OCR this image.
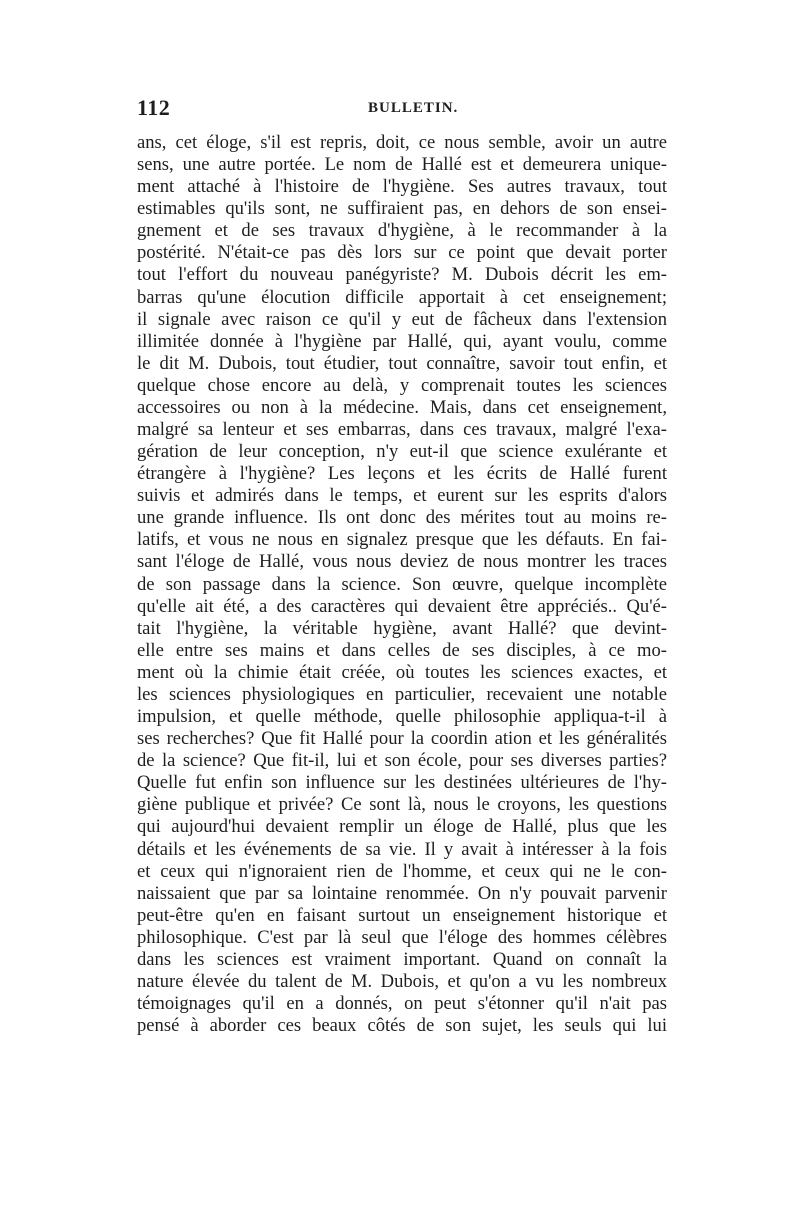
112	BULLETIN.
ans, cet éloge, s'il est repris, doit, ce nous semble, avoir un autre
sens, une autre portée. Le nom de Hallé est et demeurera unique-
ment attaché à l'histoire de l'hygiène. Ses autres travaux, tout
estimables qu'ils sont, ne suffiraient pas, en dehors de son ensei-
gnement et de ses travaux d'hygiène, à le recommander à la
postérité. N'était-ce pas dès lors sur ce point que devait porter
tout l'effort du nouveau panégyriste? M. Dubois décrit les em-
barras qu'une élocution difficile apportait à cet enseignement;
il signale avec raison ce qu'il y eut de fâcheux dans l'extension
illimitée donnée à l'hygiène par Hallé, qui, ayant voulu, comme
le dit M. Dubois, tout étudier, tout connaître, savoir tout enfin, et
quelque chose encore au delà, y comprenait toutes les sciences
accessoires ou non à la médecine. Mais, dans cet enseignement,
malgré sa lenteur et ses embarras, dans ces travaux, malgré l'exa-
gération de leur conception, n'y eut-il que science exulérante et
étrangère à l'hygiène? Les leçons et les écrits de Hallé furent
suivis et admirés dans le temps, et eurent sur les esprits d'alors
une grande influence. Ils ont donc des mérites tout au moins re-
latifs, et vous ne nous en signalez presque que les défauts. En fai-
sant l'éloge de Hallé, vous nous deviez de nous montrer les traces
de son passage dans la science. Son œuvre, quelque incomplète
qu'elle ait été, a des caractères qui devaient être appréciés.. Qu'é-
tait l'hygiène, la véritable hygiène, avant Hallé? que devint-
elle entre ses mains et dans celles de ses disciples, à ce mo-
ment où la chimie était créée, où toutes les sciences exactes, et
les sciences physiologiques en particulier, recevaient une notable
impulsion, et quelle méthode, quelle philosophie appliqua-t-il à
ses recherches? Que fit Hallé pour la coordin ation et les généralités
de la science? Que fit-il, lui et son école, pour ses diverses parties?
Quelle fut enfin son influence sur les destinées ultérieures de l'hy-
giène publique et privée? Ce sont là, nous le croyons, les questions
qui aujourd'hui devaient remplir un éloge de Hallé, plus que les
détails et les événements de sa vie. Il y avait à intéresser à la fois
et ceux qui n'ignoraient rien de l'homme, et ceux qui ne le con-
naissaient que par sa lointaine renommée. On n'y pouvait parvenir
peut-être qu'en en faisant surtout un enseignement historique et
philosophique. C'est par là seul que l'éloge des hommes célèbres
dans les sciences est vraiment important. Quand on connaît la
nature élevée du talent de M. Dubois, et qu'on a vu les nombreux
témoignages qu'il en a donnés, on peut s'étonner qu'il n'ait pas
pensé à aborder ces beaux côtés de son sujet, les seuls qui lui
